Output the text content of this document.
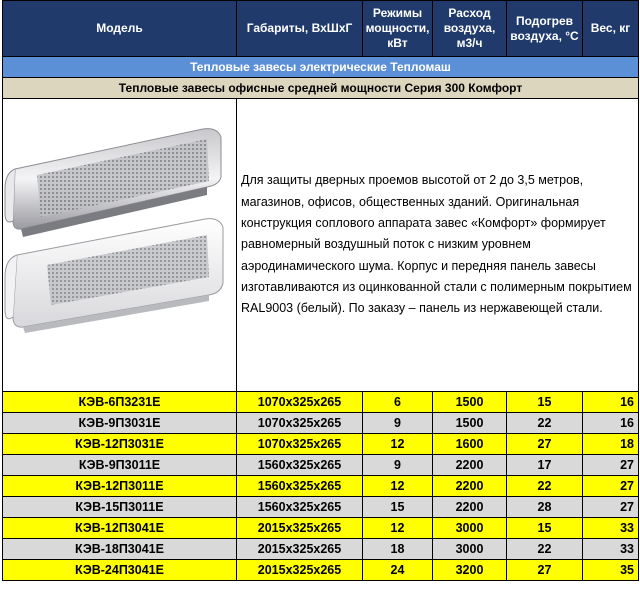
Модель	Габариты, ВхШхГ	Режимы мощности, кВт	Расход воздуха, м3/ч	Подогрев воздуха, °С	Вес, кг
Тепловые завесы электрические Тепломаш					
Тепловые завесы офисные средней мощности Серия 300 Комфорт					

Для защиты дверных проемов высотой от 2 до 3,5 метров, магазинов, офисов, общественных зданий. Оригинальная конструкция соплового аппарата завес «Комфорт» формирует равномерный воздушный поток с низким уровнем аэродинамического шума. Корпус и передняя панель завесы изготавливаются из оцинкованной стали с полимерным покрытием RAL9003 (белый). По заказу – панель из нержавеющей стали.				

КЭВ-6П3231Е	1070х325х265	6	1500	15	16
КЭВ-9П3031Е	1070х325х265	9	1500	22	16
КЭВ-12П3031Е	1070х325х265	12	1600	27	18
КЭВ-9П3011Е	1560х325х265	9	2200	17	27
КЭВ-12П3011Е	1560х325х265	12	2200	22	27
КЭВ-15П3011Е	1560х325х265	15	2200	28	27
КЭВ-12П3041Е	2015х325х265	12	3000	15	33
КЭВ-18П3041Е	2015х325х265	18	3000	22	33
КЭВ-24П3041Е	2015х325х265	24	3200	27	35
